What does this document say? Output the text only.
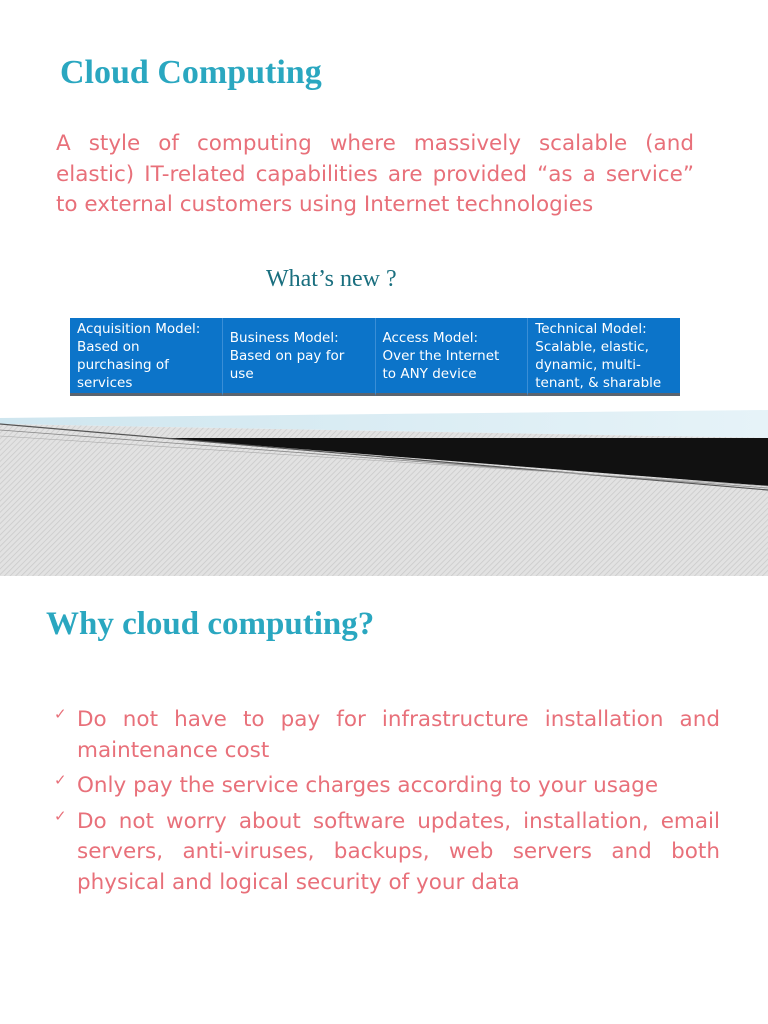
Cloud Computing
A style of computing where massively scalable (and elastic) IT-related capabilities are provided “as a service” to external customers using Internet technologies
What’s new ?
Acquisition Model:
Based on
purchasing of
services
Business Model:
Based on pay for
use
Access Model:
Over the Internet
to ANY device
Technical Model:
Scalable, elastic,
dynamic, multi-
tenant, & sharable
Why cloud computing?
✓ Do not have to pay for infrastructure installation and maintenance cost
✓ Only pay the service charges according to your usage
✓ Do not worry about software updates, installation, email servers, anti-viruses, backups, web servers and both physical and logical security of your data
